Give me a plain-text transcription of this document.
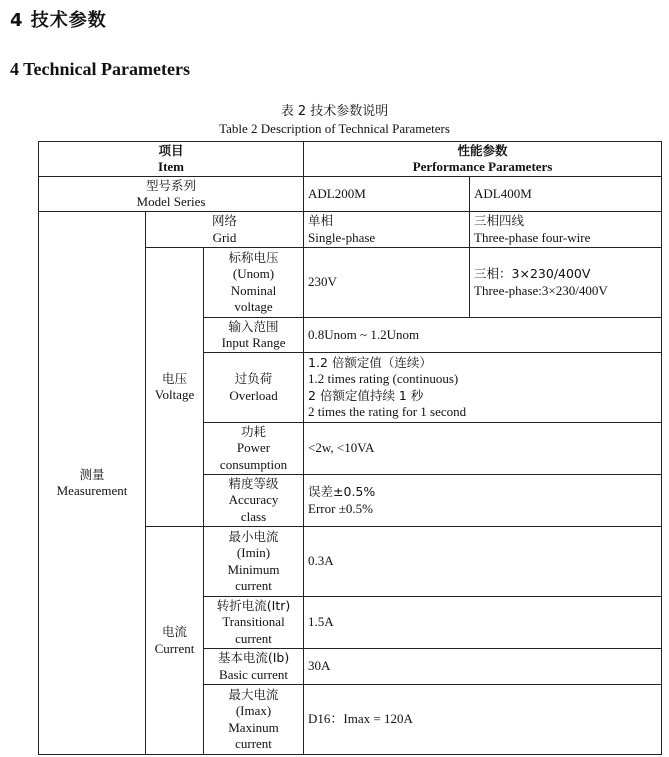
4 技术参数
4 Technical Parameters
表 2 技术参数说明
Table 2 Description of Technical Parameters
项目
Item			性能参数
Performance Parameters	

型号系列
Model Series			ADL200M	ADL400M

测量
Measurement	网络
Grid		单相
Single-phase	三相四线
Three-phase four-wire

	电压
Voltage	标称电压
(Unom)
Nominal
voltage	230V	三相：3×230/400V
Three-phase:3×230/400V

		输入范围
Input Range	0.8Unom ~ 1.2Unom	

		过负荷
Overload	1.2 倍额定值（连续）
1.2 times rating (continuous)
2 倍额定值持续 1 秒
2 times the rating for 1 second	

		功耗
Power
consumption	<2w, <10VA	

		精度等级
Accuracy
class	误差±0.5%
Error ±0.5%	

	电流
Current	最小电流
(Imin)
Minimum
current	0.3A	

		转折电流(Itr)
Transitional
current	1.5A	

		基本电流(Ib)
Basic current	30A	

		最大电流
(Imax)
Maxinum
current	D16：Imax = 120A	
